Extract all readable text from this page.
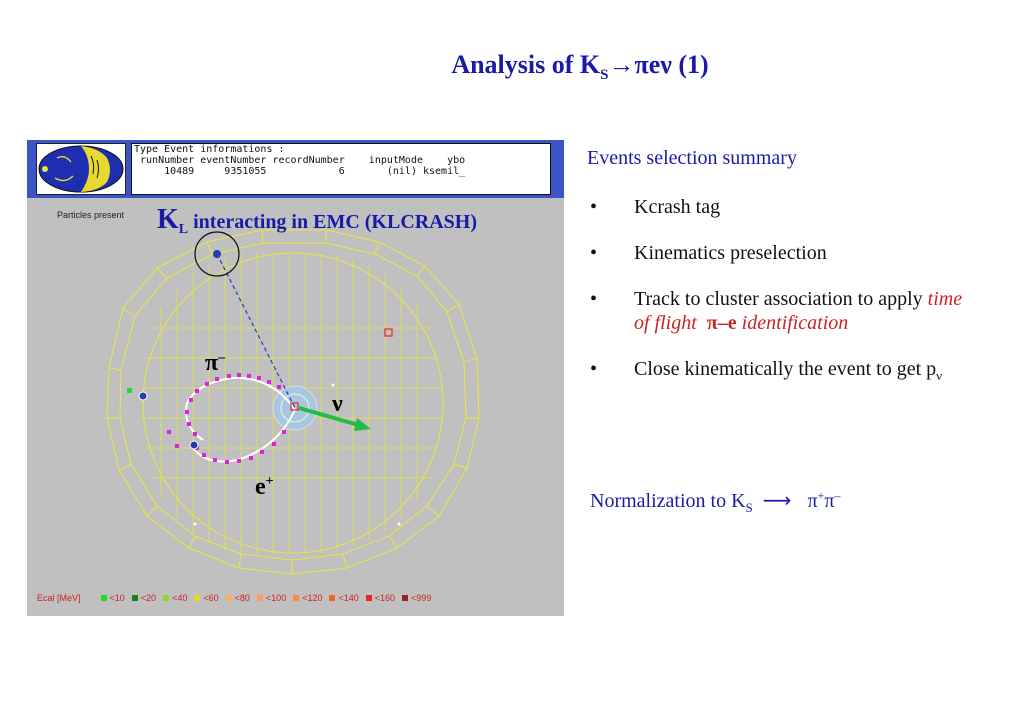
Analysis of $K_S\to\pi e\nu$ (1)
Type Event informations :
runNumber eventNumber recordNumber    inputMode    ybo
10489     9351055            6       (nil) ksemil_
Particles present $K_L$ interacting in EMC (KLCRASH)
π–
ν
e+
Ecal [MeV]	<10 <20 <40 <60 <80 <100 <120 <140 <160 <999
Events selection summary
• Kcrash tag
• Kinematics preselection
• Track to cluster association to apply time of flight π–e identification
• Close kinematically the event to get $p_\nu$
Normalization to $K_S$ ⟶ π+π–
